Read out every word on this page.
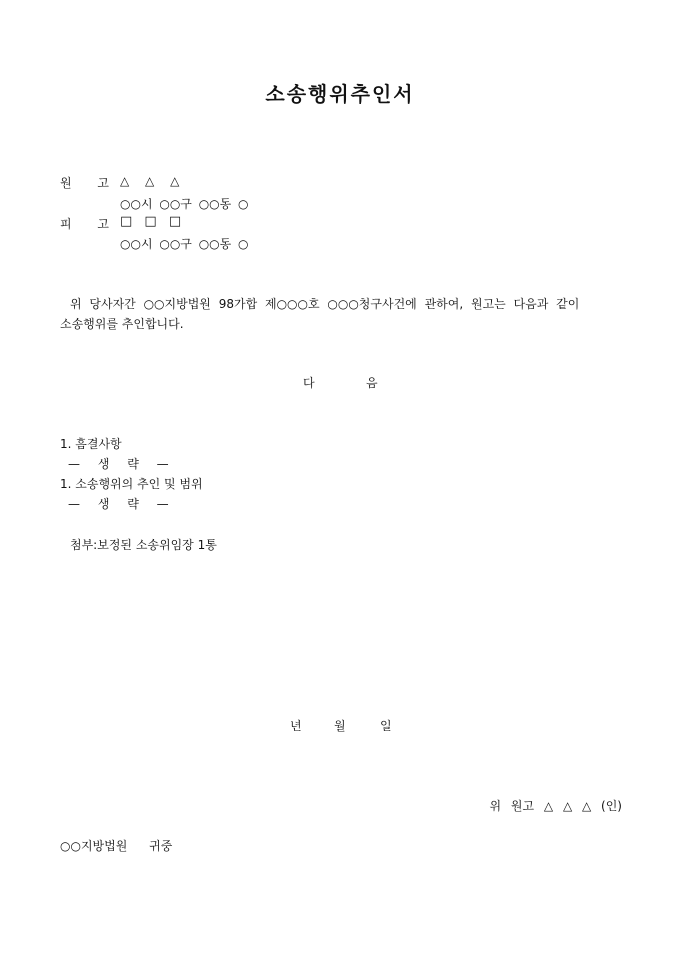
소송행위추인서
원 고 △ △ △
○○시 ○○구 ○○동 ○
피 고 □ □ □
○○시 ○○구 ○○동 ○
위 당사자간 ○○지방법원 98가합 제○○○호 ○○○청구사건에 관하여, 원고는 다음과 같이
소송행위를 추인합니다.
다	음
1. 흠결사항
— 생 략 —
1. 소송행위의 추인 및 범위
— 생 략 —
첨부:보정된 소송위임장 1통
년	월	일
위 원고 △ △ △ (인)
○○지방법원 귀중
